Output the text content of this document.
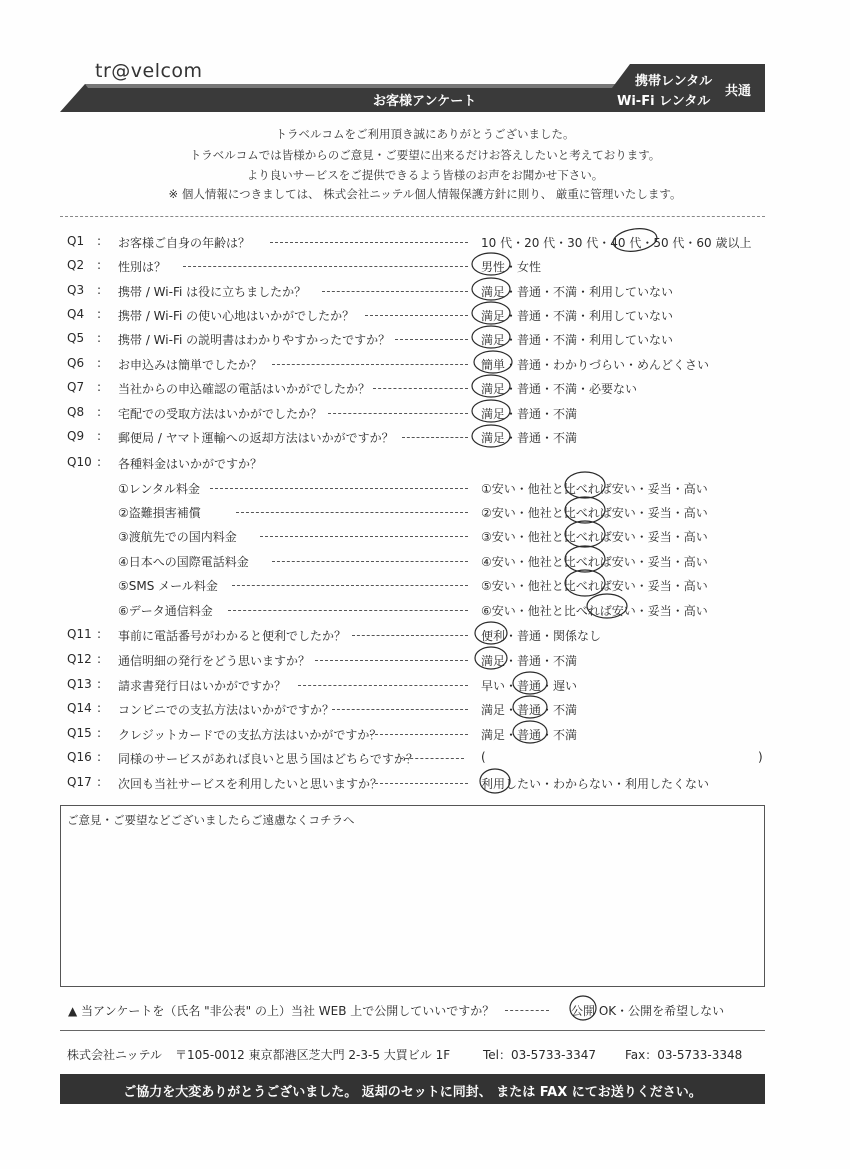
tr@velcom
お客様アンケート
携帯レンタル
Wi-Fi レンタル
共通
トラベルコムをご利用頂き誠にありがとうございました。
トラベルコムでは皆様からのご意見・ご要望に出来るだけお答えしたいと考えております。
より良いサービスをご提供できるよう皆様のお声をお聞かせ下さい。
※ 個人情報につきましては、 株式会社ニッテル個人情報保護方針に則り、 厳重に管理いたします。
Q1 : お客様ご自身の年齢は？	10 代・20 代・30 代・40 代・50 代・60 歳以上
Q2 : 性別は？	男性・女性
Q3 : 携帯 / Wi-Fi は役に立ちましたか？	満足・普通・不満・利用していない
Q4 : 携帯 / Wi-Fi の使い心地はいかがでしたか？	満足・普通・不満・利用していない
Q5 : 携帯 / Wi-Fi の説明書はわかりやすかったですか？	満足・普通・不満・利用していない
Q6 : お申込みは簡単でしたか？	簡単・普通・わかりづらい・めんどくさい
Q7 : 当社からの申込確認の電話はいかがでしたか？	満足・普通・不満・必要ない
Q8 : 宅配での受取方法はいかがでしたか？	満足・普通・不満
Q9 : 郵便局 / ヤマト運輸への返却方法はいかがですか？	満足・普通・不満
Q10 : 各種料金はいかがですか？
①レンタル料金	①安い・他社と比べれば安い・妥当・高い
②盗難損害補償	②安い・他社と比べれば安い・妥当・高い
③渡航先での国内料金	③安い・他社と比べれば安い・妥当・高い
④日本への国際電話料金	④安い・他社と比べれば安い・妥当・高い
⑤SMS メール料金	⑤安い・他社と比べれば安い・妥当・高い
⑥データ通信料金	⑥安い・他社と比べれば安い・妥当・高い
Q11 : 事前に電話番号がわかると便利でしたか？	便利・普通・関係なし
Q12 : 通信明細の発行をどう思いますか？	満足・普通・不満
Q13 : 請求書発行日はいかがですか？	早い・普通・遅い
Q14 : コンビニでの支払方法はいかがですか？	満足・普通・不満
Q15 : クレジットカードでの支払方法はいかがですか？	満足・普通・不満
Q16 : 同様のサービスがあれば良いと思う国はどちらですか？	(	)
Q17 : 次回も当社サービスを利用したいと思いますか？	利用したい・わからない・利用したくない
ご意見・ご要望などございましたらご遠慮なくコチラへ
▲ 当アンケートを（氏名 "非公表" の上）当社 WEB 上で公開していいですか？	公開 OK・公開を希望しない
株式会社ニッテル 〒105-0012 東京都港区芝大門 2-3-5 大買ビル 1F	Tel：03-5733-3347 Fax：03-5733-3348
ご協力を大変ありがとうございました。 返却のセットに同封、 または FAX にてお送りください。
